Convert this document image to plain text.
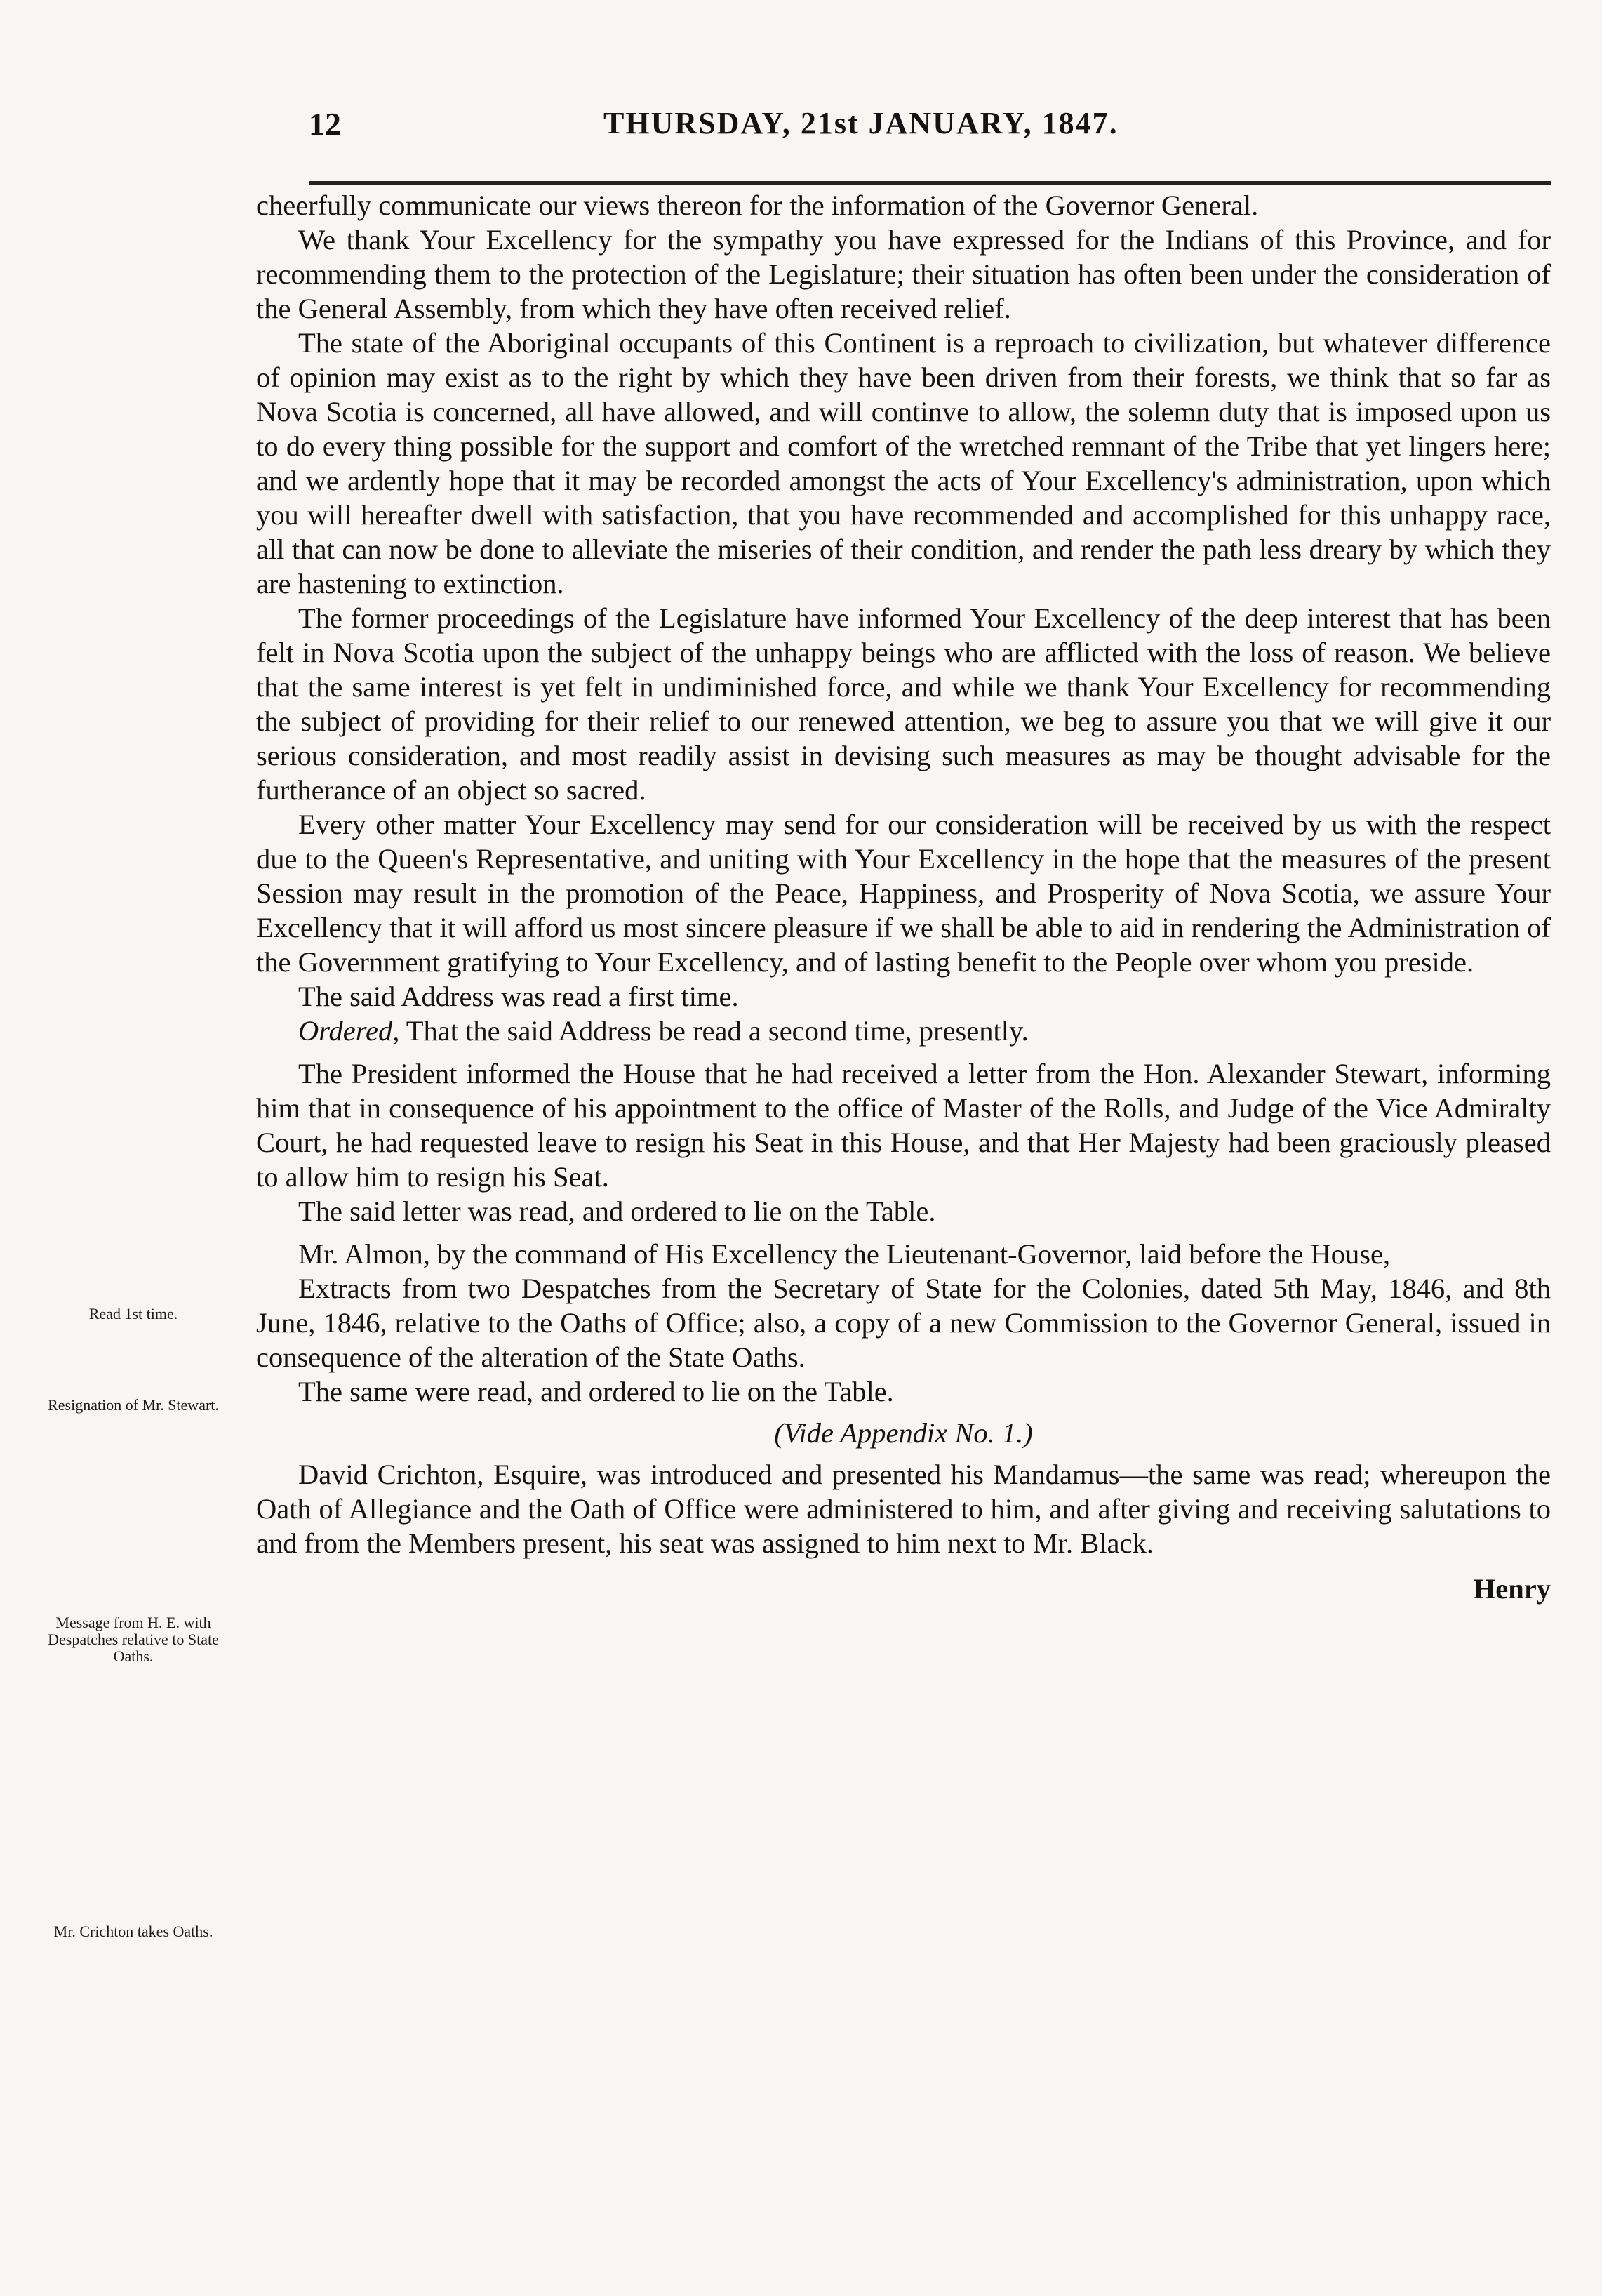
12	THURSDAY, 21st JANUARY, 1847.

cheerfully communicate our views thereon for the information of the Governor General.

We thank Your Excellency for the sympathy you have expressed for the Indians of this Province, and for recommending them to the protection of the Legislature; their situation has often been under the consideration of the General Assembly, from which they have often received relief.

The state of the Aboriginal occupants of this Continent is a reproach to civilization, but whatever difference of opinion may exist as to the right by which they have been driven from their forests, we think that so far as Nova Scotia is concerned, all have allowed, and will continve to allow, the solemn duty that is imposed upon us to do every thing possible for the support and comfort of the wretched remnant of the Tribe that yet lingers here; and we ardently hope that it may be recorded amongst the acts of Your Excellency's administration, upon which you will hereafter dwell with satisfaction, that you have recommended and accomplished for this unhappy race, all that can now be done to alleviate the miseries of their condition, and render the path less dreary by which they are hastening to extinction.

The former proceedings of the Legislature have informed Your Excellency of the deep interest that has been felt in Nova Scotia upon the subject of the unhappy beings who are afflicted with the loss of reason. We believe that the same interest is yet felt in undiminished force, and while we thank Your Excellency for recommending the subject of providing for their relief to our renewed attention, we beg to assure you that we will give it our serious consideration, and most readily assist in devising such measures as may be thought advisable for the furtherance of an object so sacred.

Every other matter Your Excellency may send for our consideration will be received by us with the respect due to the Queen's Representative, and uniting with Your Excellency in the hope that the measures of the present Session may result in the promotion of the Peace, Happiness, and Prosperity of Nova Scotia, we assure Your Excellency that it will afford us most sincere pleasure if we shall be able to aid in rendering the Administration of the Government gratifying to Your Excellency, and of lasting benefit to the People over whom you preside.

The said Address was read a first time.

Ordered, That the said Address be read a second time, presently.

The President informed the House that he had received a letter from the Hon. Alexander Stewart, informing him that in consequence of his appointment to the office of Master of the Rolls, and Judge of the Vice Admiralty Court, he had requested leave to resign his Seat in this House, and that Her Majesty had been graciously pleased to allow him to resign his Seat.

The said letter was read, and ordered to lie on the Table.

Mr. Almon, by the command of His Excellency the Lieutenant-Governor, laid before the House,

Extracts from two Despatches from the Secretary of State for the Colonies, dated 5th May, 1846, and 8th June, 1846, relative to the Oaths of Office; also, a copy of a new Commission to the Governor General, issued in consequence of the alteration of the State Oaths.

The same were read, and ordered to lie on the Table.

(Vide Appendix No. 1.)

David Crichton, Esquire, was introduced and presented his Mandamus—the same was read; whereupon the Oath of Allegiance and the Oath of Office were administered to him, and after giving and receiving salutations to and from the Members present, his seat was assigned to him next to Mr. Black.

Henry

Read 1st time.
Resignation of Mr. Stewart.
Message from H. E. with Despatches relative to State Oaths.
Mr. Crichton takes Oaths.
